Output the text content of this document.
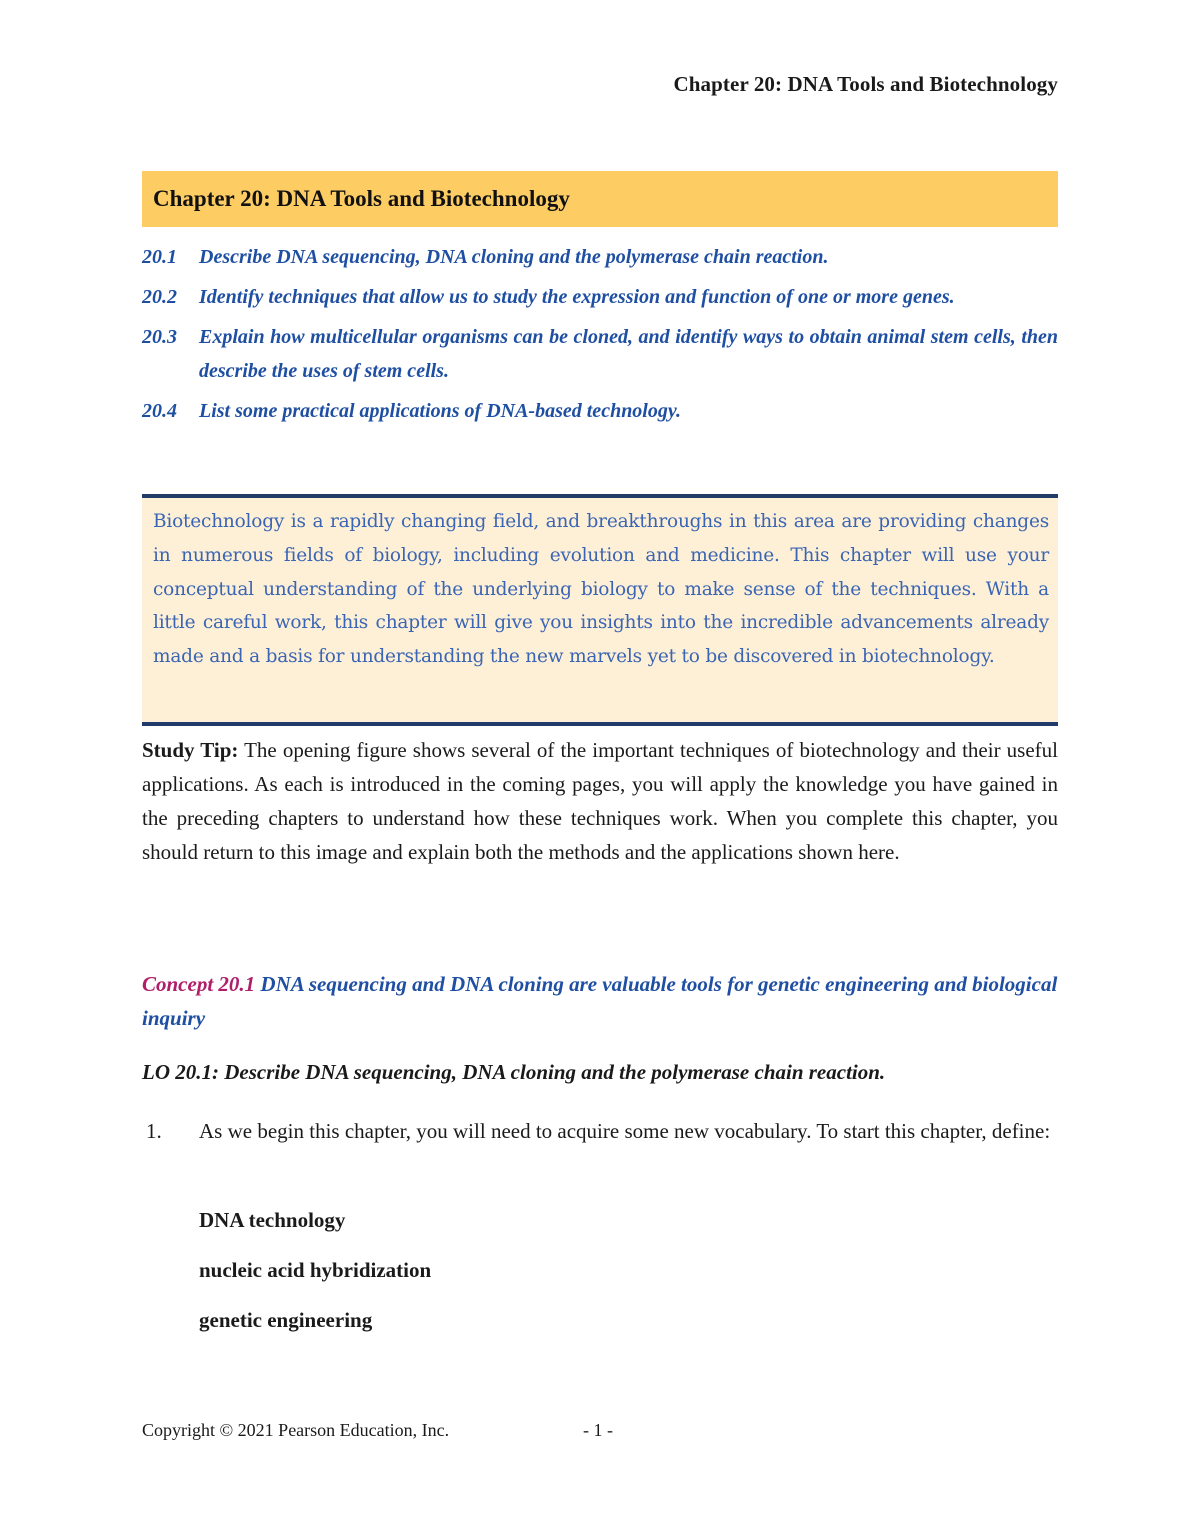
Chapter 20: DNA Tools and Biotechnology
Chapter 20: DNA Tools and Biotechnology
20.1	Describe DNA sequencing, DNA cloning and the polymerase chain reaction.
20.2	Identify techniques that allow us to study the expression and function of one or more genes.
20.3	Explain how multicellular organisms can be cloned, and identify ways to obtain animal stem cells, then describe the uses of stem cells.
20.4	List some practical applications of DNA-based technology.

Biotechnology is a rapidly changing field, and breakthroughs in this area are providing changes in numerous fields of biology, including evolution and medicine. This chapter will use your conceptual understanding of the underlying biology to make sense of the techniques. With a little careful work, this chapter will give you insights into the incredible advancements already made and a basis for understanding the new marvels yet to be discovered in biotechnology.

Study Tip: The opening figure shows several of the important techniques of biotechnology and their useful applications. As each is introduced in the coming pages, you will apply the knowledge you have gained in the preceding chapters to understand how these techniques work. When you complete this chapter, you should return to this image and explain both the methods and the applications shown here.

Concept 20.1 DNA sequencing and DNA cloning are valuable tools for genetic engineering and biological inquiry

LO 20.1: Describe DNA sequencing, DNA cloning and the polymerase chain reaction.

1.	As we begin this chapter, you will need to acquire some new vocabulary. To start this chapter, define:
DNA technology
nucleic acid hybridization
genetic engineering
Copyright © 2021 Pearson Education, Inc.	- 1 -
